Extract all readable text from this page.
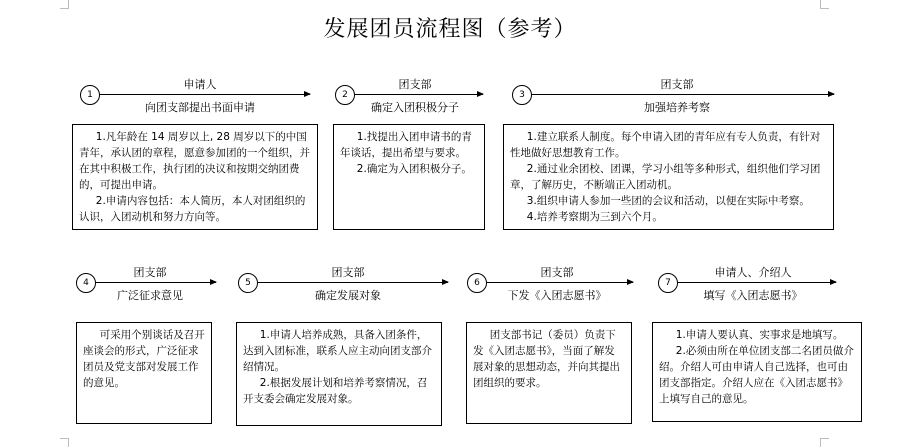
发展团员流程图（参考）
1
申请人
向团支部提出书面申请

1.凡年龄在 14 周岁以上, 28 周岁以下的中国青年，承认团的章程，愿意参加团的一个组织，并在其中积极工作，执行团的决议和按期交纳团费的，可提出申请。

2.申请内容包括：本人简历，本人对团组织的认识，入团动机和努力方向等。

2
团支部
确定入团积极分子

1.找提出入团申请书的青年谈话，提出希望与要求。

2.确定为入团积极分子。

3
团支部
加强培养考察

1.建立联系人制度。每个申请入团的青年应有专人负责，有针对性地做好思想教育工作。

2.通过业余团校、团课，学习小组等多种形式，组织他们学习团章，了解历史，不断端正入团动机。

3.组织申请人参加一些团的会议和活动，以便在实际中考察。

4.培养考察期为三到六个月。

4
团支部
广泛征求意见

可采用个别谈话及召开座谈会的形式，广泛征求团员及党支部对发展工作的意见。

5
团支部
确定发展对象

1.申请人培养成熟，具备入团条件，达到入团标准，联系人应主动向团支部介绍情况。

2.根据发展计划和培养考察情况，召开支委会确定发展对象。

6
团支部
下发《入团志愿书》

团支部书记（委员）负责下发《入团志愿书》，当面了解发展对象的思想动态，并向其提出团组织的要求。

7
申请人、介绍人
填写《入团志愿书》

1.申请人要认真、实事求是地填写。

2.必须由所在单位团支部二名团员做介绍。介绍人可由申请人自己选择，也可由团支部指定。介绍人应在《入团志愿书》上填写自己的意见。
